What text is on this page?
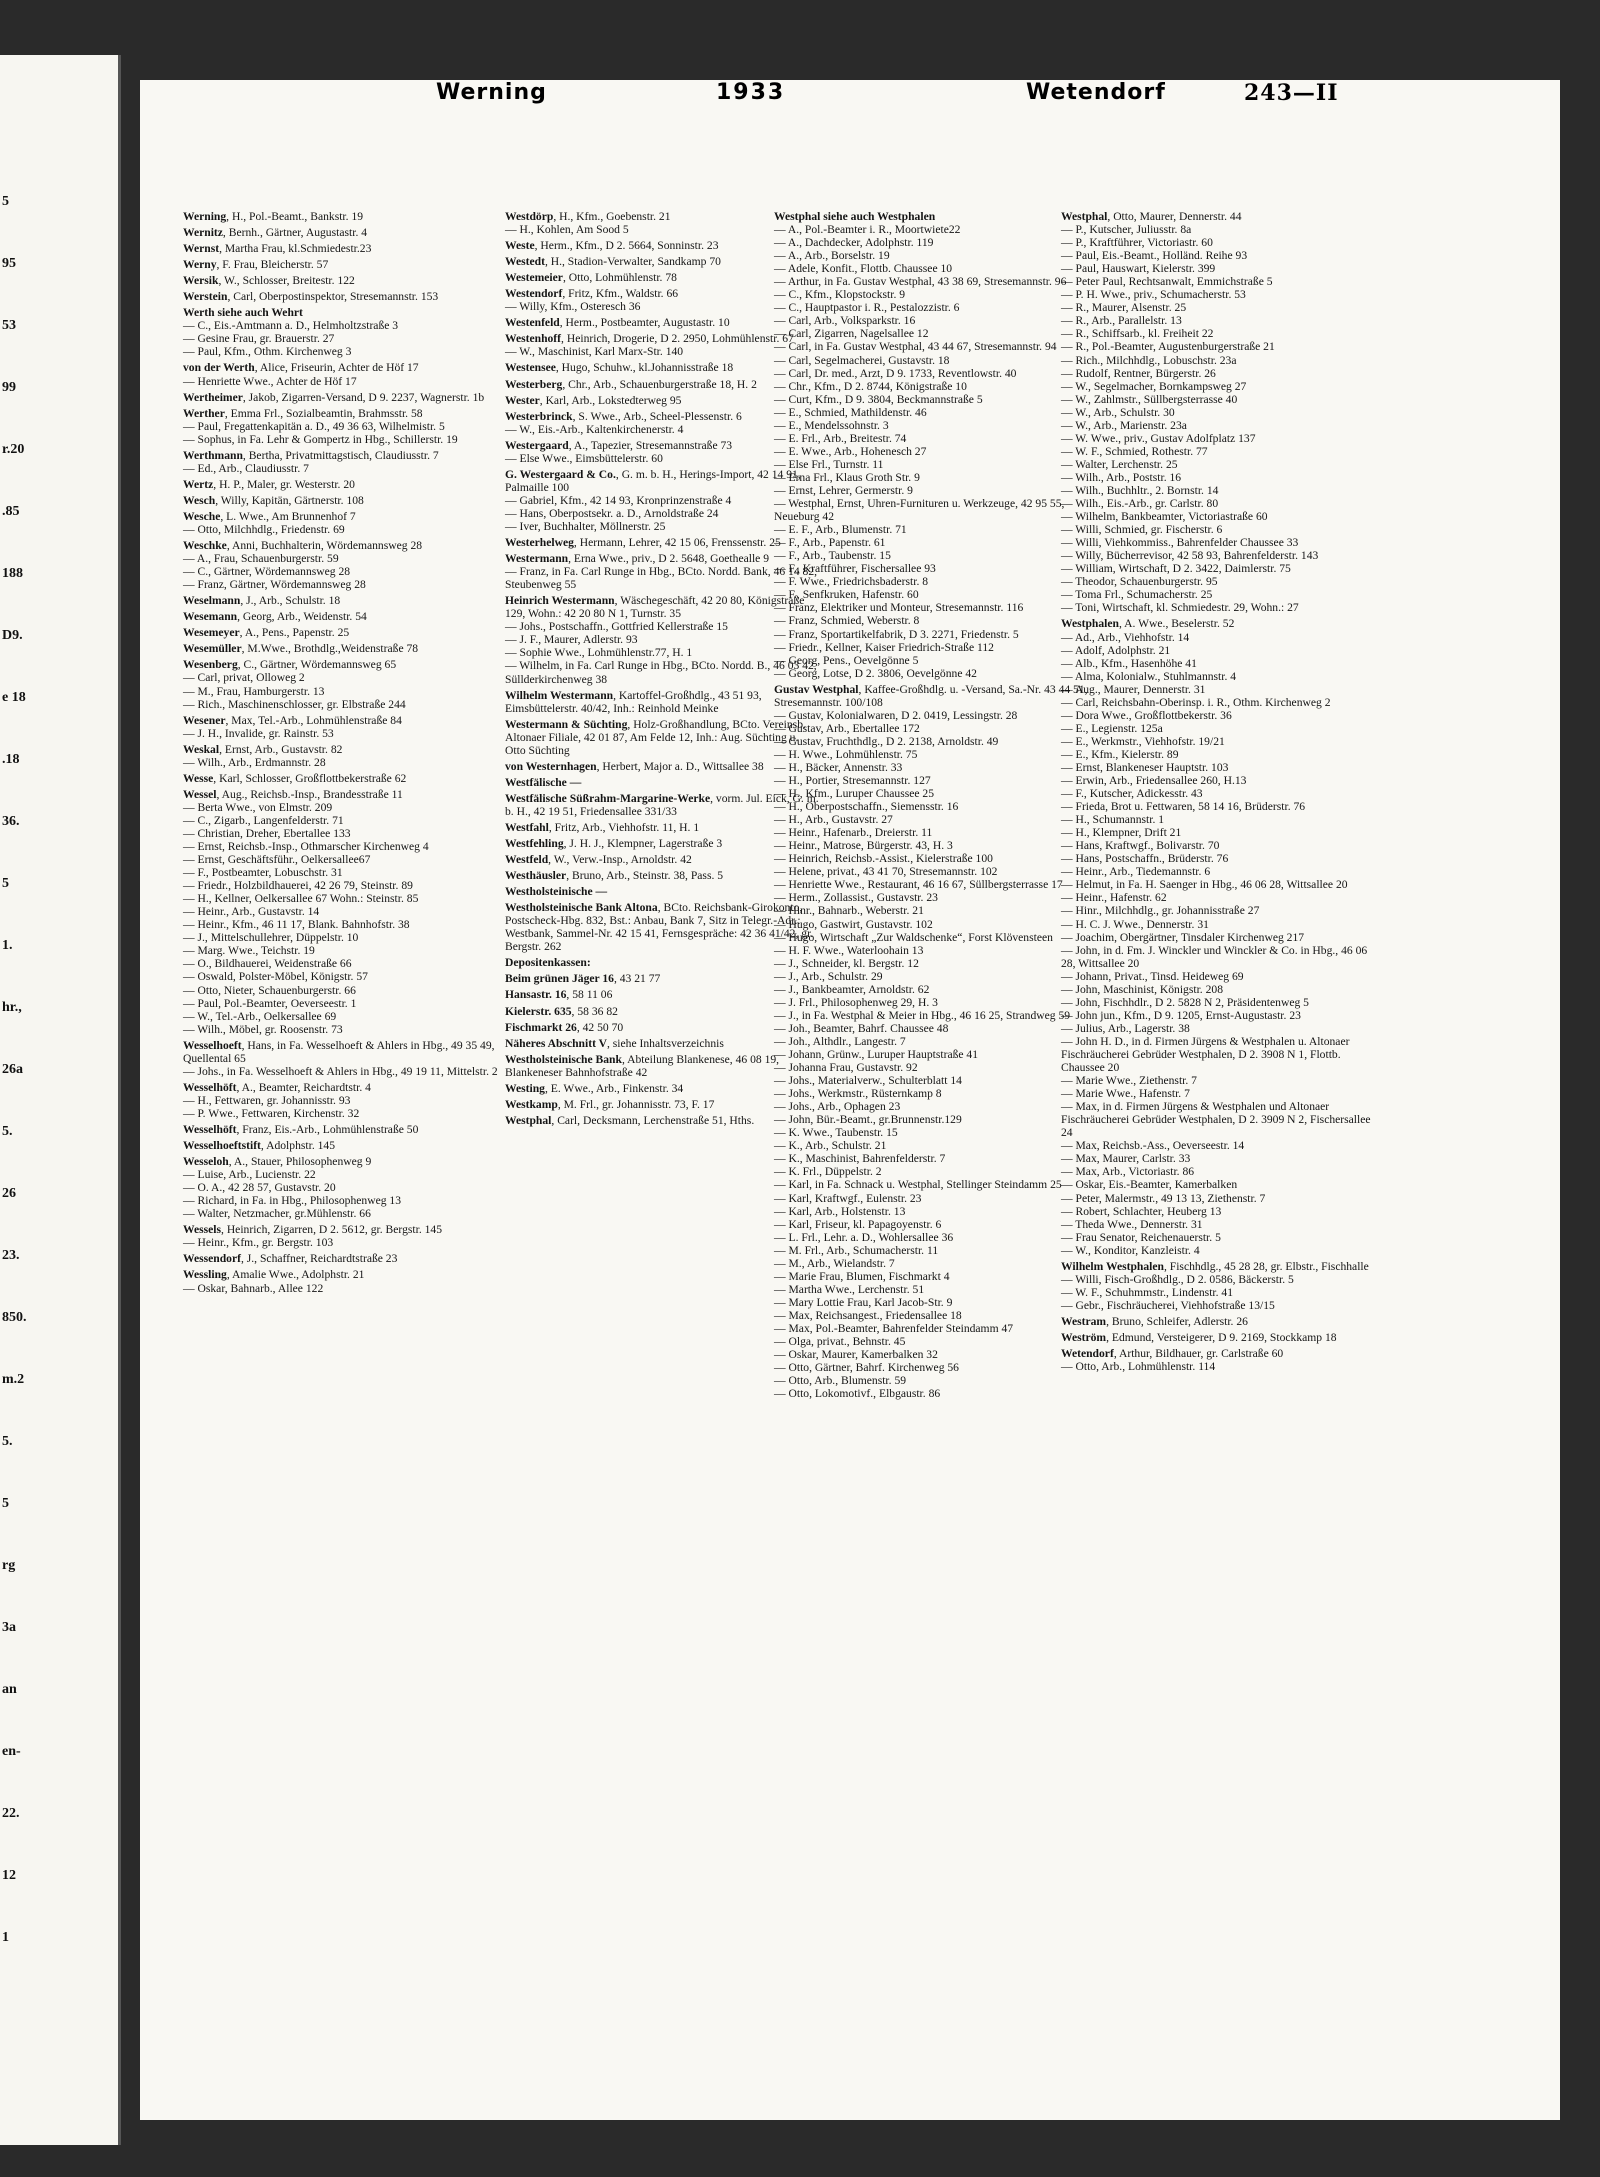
5
95
53
99
r.20
.85
188
D9.
e 18
.18
36.
5
1.
hr.,
26a
5.
26
23.
850.
m.2
5.
5
rg
3a
an
en-
22.
12
1
Werning	1933	Wetendorf	243—II

Werning, H., Pol.-Beamt., Bankstr. 19

Wernitz, Bernh., Gärtner, Augustastr. 4

Wernst, Martha Frau, kl.Schmiedestr.23

Werny, F. Frau, Bleicherstr. 57

Wersik, W., Schlosser, Breitestr. 122

Werstein, Carl, Oberpostinspektor, Stresemannstr. 153

Werth siehe auch Wehrt

— C., Eis.-Amtmann a. D., Helmholtzstraße 3

— Gesine Frau, gr. Brauerstr. 27

— Paul, Kfm., Othm. Kirchenweg 3

von der Werth, Alice, Friseurin, Achter de Höf 17

— Henriette Wwe., Achter de Höf 17

Wertheimer, Jakob, Zigarren-Versand, D 9. 2237, Wagnerstr. 1b

Werther, Emma Frl., Sozialbeamtin, Brahmsstr. 58

— Paul, Fregattenkapitän a. D., 49 36 63, Wilhelmistr. 5

— Sophus, in Fa. Lehr & Gompertz in Hbg., Schillerstr. 19

Werthmann, Bertha, Privatmittagstisch, Claudiusstr. 7

— Ed., Arb., Claudiusstr. 7

Wertz, H. P., Maler, gr. Westerstr. 20

Wesch, Willy, Kapitän, Gärtnerstr. 108

Wesche, L. Wwe., Am Brunnenhof 7

— Otto, Milchhdlg., Friedenstr. 69

Weschke, Anni, Buchhalterin, Wördemannsweg 28

— A., Frau, Schauenburgerstr. 59

— C., Gärtner, Wördemannsweg 28

— Franz, Gärtner, Wördemannsweg 28

Weselmann, J., Arb., Schulstr. 18

Wesemann, Georg, Arb., Weidenstr. 54

Wesemeyer, A., Pens., Papenstr. 25

Wesemüller, M.Wwe., Brothdlg.,Weidenstraße 78

Wesenberg, C., Gärtner, Wördemannsweg 65

— Carl, privat, Olloweg 2

— M., Frau, Hamburgerstr. 13

— Rich., Maschinenschlosser, gr. Elbstraße 244

Wesener, Max, Tel.-Arb., Lohmühlenstraße 84

— J. H., Invalide, gr. Rainstr. 53

Weskal, Ernst, Arb., Gustavstr. 82

— Wilh., Arb., Erdmannstr. 28

Wesse, Karl, Schlosser, Großflottbekerstraße 62

Wessel, Aug., Reichsb.-Insp., Brandesstraße 11

— Berta Wwe., von Elmstr. 209

— C., Zigarb., Langenfelderstr. 71

— Christian, Dreher, Ebertallee 133

— Ernst, Reichsb.-Insp., Othmarscher Kirchenweg 4

— Ernst, Geschäftsführ., Oelkersallee67

— F., Postbeamter, Lobuschstr. 31

— Friedr., Holzbildhauerei, 42 26 79, Steinstr. 89

— H., Kellner, Oelkersallee 67 Wohn.: Steinstr. 85

— Heinr., Arb., Gustavstr. 14

— Heinr., Kfm., 46 11 17, Blank. Bahnhofstr. 38

— J., Mittelschullehrer, Düppelstr. 10

— Marg. Wwe., Teichstr. 19

— O., Bildhauerei, Weidenstraße 66

— Oswald, Polster-Möbel, Königstr. 57

— Otto, Nieter, Schauenburgerstr. 66

— Paul, Pol.-Beamter, Oeverseestr. 1

— W., Tel.-Arb., Oelkersallee 69

— Wilh., Möbel, gr. Roosenstr. 73

Wesselhoeft, Hans, in Fa. Wesselhoeft & Ahlers in Hbg., 49 35 49, Quellental 65

— Johs., in Fa. Wesselhoeft & Ahlers in Hbg., 49 19 11, Mittelstr. 2

Wesselhöft, A., Beamter, Reichardtstr. 4

— H., Fettwaren, gr. Johannisstr. 93

— P. Wwe., Fettwaren, Kirchenstr. 32

Wesselhöft, Franz, Eis.-Arb., Lohmühlenstraße 50

Wesselhoeftstift, Adolphstr. 145

Wesseloh, A., Stauer, Philosophenweg 9

— Luise, Arb., Lucienstr. 22

— O. A., 42 28 57, Gustavstr. 20

— Richard, in Fa. in Hbg., Philosophenweg 13

— Walter, Netzmacher, gr.Mühlenstr. 66

Wessels, Heinrich, Zigarren, D 2. 5612, gr. Bergstr. 145

— Heinr., Kfm., gr. Bergstr. 103

Wessendorf, J., Schaffner, Reichardtstraße 23

Wessling, Amalie Wwe., Adolphstr. 21

— Oskar, Bahnarb., Allee 122

Westdörp, H., Kfm., Goebenstr. 21

— H., Kohlen, Am Sood 5

Weste, Herm., Kfm., D 2. 5664, Sonninstr. 23

Westedt, H., Stadion-Verwalter, Sandkamp 70

Westemeier, Otto, Lohmühlenstr. 78

Westendorf, Fritz, Kfm., Waldstr. 66

— Willy, Kfm., Osteresch 36

Westenfeld, Herm., Postbeamter, Augustastr. 10

Westenhoff, Heinrich, Drogerie, D 2. 2950, Lohmühlenstr. 67

— W., Maschinist, Karl Marx-Str. 140

Westensee, Hugo, Schuhw., kl.Johannisstraße 18

Westerberg, Chr., Arb., Schauenburgerstraße 18, H. 2

Wester, Karl, Arb., Lokstedterweg 95

Westerbrinck, S. Wwe., Arb., Scheel-Plessenstr. 6

— W., Eis.-Arb., Kaltenkirchenerstr. 4

Westergaard, A., Tapezier, Stresemannstraße 73

— Else Wwe., Eimsbüttelerstr. 60

G. Westergaard & Co., G. m. b. H., Herings-Import, 42 14 91, Palmaille 100

— Gabriel, Kfm., 42 14 93, Kronprinzenstraße 4

— Hans, Oberpostsekr. a. D., Arnoldstraße 24

— Iver, Buchhalter, Möllnerstr. 25

Westerhelweg, Hermann, Lehrer, 42 15 06, Frenssenstr. 25

Westermann, Erna Wwe., priv., D 2. 5648, Goethealle 9

— Franz, in Fa. Carl Runge in Hbg., BCto. Nordd. Bank, 46 14 82, Steubenweg 55

Heinrich Westermann, Wäschegeschäft, 42 20 80, Königstraße 129, Wohn.: 42 20 80 N 1, Turnstr. 35

— Johs., Postschaffn., Gottfried Kellerstraße 15

— J. F., Maurer, Adlerstr. 93

— Sophie Wwe., Lohmühlenstr.77, H. 1

— Wilhelm, in Fa. Carl Runge in Hbg., BCto. Nordd. B., 46 03 42, Süllderkirchenweg 38

Wilhelm Westermann, Kartoffel-Großhdlg., 43 51 93, Eimsbüttelerstr. 40/42, Inh.: Reinhold Meinke

Westermann & Süchting, Holz-Großhandlung, BCto. Vereinsb. Altonaer Filiale, 42 01 87, Am Felde 12, Inh.: Aug. Süchting u. Otto Süchting

von Westernhagen, Herbert, Major a. D., Wittsallee 38

Westfälische —

Westfälische Süßrahm-Margarine-Werke, vorm. Jul. Eick, G. m. b. H., 42 19 51, Friedensallee 331/33

Westfahl, Fritz, Arb., Viehhofstr. 11, H. 1

Westfehling, J. H. J., Klempner, Lagerstraße 3

Westfeld, W., Verw.-Insp., Arnoldstr. 42

Westhäusler, Bruno, Arb., Steinstr. 38, Pass. 5

Westholsteinische —

Westholsteinische Bank Altona, BCto. Reichsbank-Girokonto, Postscheck-Hbg. 832, Bst.: Anbau, Bank 7, Sitz in Telegr.-Adr.: Westbank, Sammel-Nr. 42 15 41, Fernsgespräche: 42 36 41/42, gr. Bergstr. 262

Depositenkassen:

Beim grünen Jäger 16, 43 21 77

Hansastr. 16, 58 11 06

Kielerstr. 635, 58 36 82

Fischmarkt 26, 42 50 70

Näheres Abschnitt V, siehe Inhaltsverzeichnis

Westholsteinische Bank, Abteilung Blankenese, 46 08 19, Blankeneser Bahnhofstraße 42

Westing, E. Wwe., Arb., Finkenstr. 34

Westkamp, M. Frl., gr. Johannisstr. 73, F. 17

Westphal, Carl, Decksmann, Lerchenstraße 51, Hths.

Westphal siehe auch Westphalen

— A., Pol.-Beamter i. R., Moortwiete22

— A., Dachdecker, Adolphstr. 119

— A., Arb., Borselstr. 19

— Adele, Konfit., Flottb. Chaussee 10

— Arthur, in Fa. Gustav Westphal, 43 38 69, Stresemannstr. 96

— C., Kfm., Klopstockstr. 9

— C., Hauptpastor i. R., Pestalozzistr. 6

— Carl, Arb., Volksparkstr. 16

— Carl, Zigarren, Nagelsallee 12

— Carl, in Fa. Gustav Westphal, 43 44 67, Stresemannstr. 94

— Carl, Segelmacherei, Gustavstr. 18

— Carl, Dr. med., Arzt, D 9. 1733, Reventlowstr. 40

— Chr., Kfm., D 2. 8744, Königstraße 10

— Curt, Kfm., D 9. 3804, Beckmannstraße 5

— E., Schmied, Mathildenstr. 46

— E., Mendelssohnstr. 3

— E. Frl., Arb., Breitestr. 74

— E. Wwe., Arb., Hohenesch 27

— Else Frl., Turnstr. 11

— Erna Frl., Klaus Groth Str. 9

— Ernst, Lehrer, Germerstr. 9

— Westphal, Ernst, Uhren-Furnituren u. Werkzeuge, 42 95 55, Neueburg 42

— E. F., Arb., Blumenstr. 71

— F., Arb., Papenstr. 61

— F., Arb., Taubenstr. 15

— F., Kraftführer, Fischersallee 93

— F. Wwe., Friedrichsbaderstr. 8

— F., Senfkruken, Hafenstr. 60

— Franz, Elektriker und Monteur, Stresemannstr. 116

— Franz, Schmied, Weberstr. 8

— Franz, Sportartikelfabrik, D 3. 2271, Friedenstr. 5

— Friedr., Kellner, Kaiser Friedrich-Straße 112

— Georg, Pens., Oevelgönne 5

— Georg, Lotse, D 2. 3806, Oevelgönne 42

Gustav Westphal, Kaffee-Großhdlg. u. -Versand, Sa.-Nr. 43 44 51, Stresemannstr. 100/108

— Gustav, Kolonialwaren, D 2. 0419, Lessingstr. 28

— Gustav, Arb., Ebertallee 172

— Gustav, Fruchthdlg., D 2. 2138, Arnoldstr. 49

— H. Wwe., Lohmühlenstr. 75

— H., Bäcker, Annenstr. 33

— H., Portier, Stresemannstr. 127

— H., Kfm., Luruper Chaussee 25

— H., Oberpostschaffn., Siemensstr. 16

— H., Arb., Gustavstr. 27

— Heinr., Hafenarb., Dreierstr. 11

— Heinr., Matrose, Bürgerstr. 43, H. 3

— Heinrich, Reichsb.-Assist., Kielerstraße 100

— Helene, privat., 43 41 70, Stresemannstr. 102

— Henriette Wwe., Restaurant, 46 16 67, Süllbergsterrasse 17

— Herm., Zollassist., Gustavstr. 23

— Hinr., Bahnarb., Weberstr. 21

— Hugo, Gastwirt, Gustavstr. 102

— Hugo, Wirtschaft „Zur Waldschenke“, Forst Klövensteen

— H. F. Wwe., Waterloohain 13

— J., Schneider, kl. Bergstr. 12

— J., Arb., Schulstr. 29

— J., Bankbeamter, Arnoldstr. 62

— J. Frl., Philosophenweg 29, H. 3

— J., in Fa. Westphal & Meier in Hbg., 46 16 25, Strandweg 59

— Joh., Beamter, Bahrf. Chaussee 48

— Joh., Althdlr., Langestr. 7

— Johann, Grünw., Luruper Hauptstraße 41

— Johanna Frau, Gustavstr. 92

— Johs., Materialverw., Schulterblatt 14

— Johs., Werkmstr., Rüsternkamp 8

— Johs., Arb., Ophagen 23

— John, Bür.-Beamt., gr.Brunnenstr.129

— K. Wwe., Taubenstr. 15

— K., Arb., Schulstr. 21

— K., Maschinist, Bahrenfelderstr. 7

— K. Frl., Düppelstr. 2

— Karl, in Fa. Schnack u. Westphal, Stellinger Steindamm 25

— Karl, Kraftwgf., Eulenstr. 23

— Karl, Arb., Holstenstr. 13

— Karl, Friseur, kl. Papagoyenstr. 6

— L. Frl., Lehr. a. D., Wohlersallee 36

— M. Frl., Arb., Schumacherstr. 11

— M., Arb., Wielandstr. 7

— Marie Frau, Blumen, Fischmarkt 4

— Martha Wwe., Lerchenstr. 51

— Mary Lottie Frau, Karl Jacob-Str. 9

— Max, Reichsangest., Friedensallee 18

— Max, Pol.-Beamter, Bahrenfelder Steindamm 47

— Olga, privat., Behnstr. 45

— Oskar, Maurer, Kamerbalken 32

— Otto, Gärtner, Bahrf. Kirchenweg 56

— Otto, Arb., Blumenstr. 59

— Otto, Lokomotivf., Elbgaustr. 86

Westphal, Otto, Maurer, Dennerstr. 44

— P., Kutscher, Juliusstr. 8a

— P., Kraftführer, Victoriastr. 60

— Paul, Eis.-Beamt., Holländ. Reihe 93

— Paul, Hauswart, Kielerstr. 399

— Peter Paul, Rechtsanwalt, Emmichstraße 5

— P. H. Wwe., priv., Schumacherstr. 53

— R., Maurer, Alsenstr. 25

— R., Arb., Parallelstr. 13

— R., Schiffsarb., kl. Freiheit 22

— R., Pol.-Beamter, Augustenburgerstraße 21

— Rich., Milchhdlg., Lobuschstr. 23a

— Rudolf, Rentner, Bürgerstr. 26

— W., Segelmacher, Bornkampsweg 27

— W., Zahlmstr., Süllbergsterrasse 40

— W., Arb., Schulstr. 30

— W., Arb., Marienstr. 23a

— W. Wwe., priv., Gustav Adolfplatz 137

— W. F., Schmied, Rothestr. 77

— Walter, Lerchenstr. 25

— Wilh., Arb., Poststr. 16

— Wilh., Buchhltr., 2. Bornstr. 14

— Wilh., Eis.-Arb., gr. Carlstr. 80

— Wilhelm, Bankbeamter, Victoriastraße 60

— Willi, Schmied, gr. Fischerstr. 6

— Willi, Viehkommiss., Bahrenfelder Chaussee 33

— Willy, Bücherrevisor, 42 58 93, Bahrenfelderstr. 143

— William, Wirtschaft, D 2. 3422, Daimlerstr. 75

— Theodor, Schauenburgerstr. 95

— Toma Frl., Schumacherstr. 25

— Toni, Wirtschaft, kl. Schmiedestr. 29, Wohn.: 27

Westphalen, A. Wwe., Beselerstr. 52

— Ad., Arb., Viehhofstr. 14

— Adolf, Adolphstr. 21

— Alb., Kfm., Hasenhöhe 41

— Alma, Kolonialw., Stuhlmannstr. 4

— Aug., Maurer, Dennerstr. 31

— Carl, Reichsbahn-Oberinsp. i. R., Othm. Kirchenweg 2

— Dora Wwe., Großflottbekerstr. 36

— E., Legienstr. 125a

— E., Werkmstr., Viehhofstr. 19/21

— E., Kfm., Kielerstr. 89

— Ernst, Blankeneser Hauptstr. 103

— Erwin, Arb., Friedensallee 260, H.13

— F., Kutscher, Adickesstr. 43

— Frieda, Brot u. Fettwaren, 58 14 16, Brüderstr. 76

— H., Schumannstr. 1

— H., Klempner, Drift 21

— Hans, Kraftwgf., Bolivarstr. 70

— Hans, Postschaffn., Brüderstr. 76

— Heinr., Arb., Tiedemannstr. 6

— Helmut, in Fa. H. Saenger in Hbg., 46 06 28, Wittsallee 20

— Heinr., Hafenstr. 62

— Hinr., Milchhdlg., gr. Johannisstraße 27

— H. C. J. Wwe., Dennerstr. 31

— Joachim, Obergärtner, Tinsdaler Kirchenweg 217

— John, in d. Fm. J. Winckler und Winckler & Co. in Hbg., 46 06 28, Wittsallee 20

— Johann, Privat., Tinsd. Heideweg 69

— John, Maschinist, Königstr. 208

— John, Fischhdlr., D 2. 5828 N 2, Präsidentenweg 5

— John jun., Kfm., D 9. 1205, Ernst-Augustastr. 23

— Julius, Arb., Lagerstr. 38

— John H. D., in d. Firmen Jürgens & Westphalen u. Altonaer Fischräucherei Gebrüder Westphalen, D 2. 3908 N 1, Flottb. Chaussee 20

— Marie Wwe., Ziethenstr. 7

— Marie Wwe., Hafenstr. 7

— Max, in d. Firmen Jürgens & Westphalen und Altonaer Fischräucherei Gebrüder Westphalen, D 2. 3909 N 2, Fischersallee 24

— Max, Reichsb.-Ass., Oeverseestr. 14

— Max, Maurer, Carlstr. 33

— Max, Arb., Victoriastr. 86

— Oskar, Eis.-Beamter, Kamerbalken

— Peter, Malermstr., 49 13 13, Ziethenstr. 7

— Robert, Schlachter, Heuberg 13

— Theda Wwe., Dennerstr. 31

— Frau Senator, Reichenauerstr. 5

— W., Konditor, Kanzleistr. 4

Wilhelm Westphalen, Fischhdlg., 45 28 28, gr. Elbstr., Fischhalle

— Willi, Fisch-Großhdlg., D 2. 0586, Bäckerstr. 5

— W. F., Schuhmmstr., Lindenstr. 41

— Gebr., Fischräucherei, Viehhofstraße 13/15

Westram, Bruno, Schleifer, Adlerstr. 26

Weström, Edmund, Versteigerer, D 9. 2169, Stockkamp 18

Wetendorf, Arthur, Bildhauer, gr. Carlstraße 60

— Otto, Arb., Lohmühlenstr. 114
